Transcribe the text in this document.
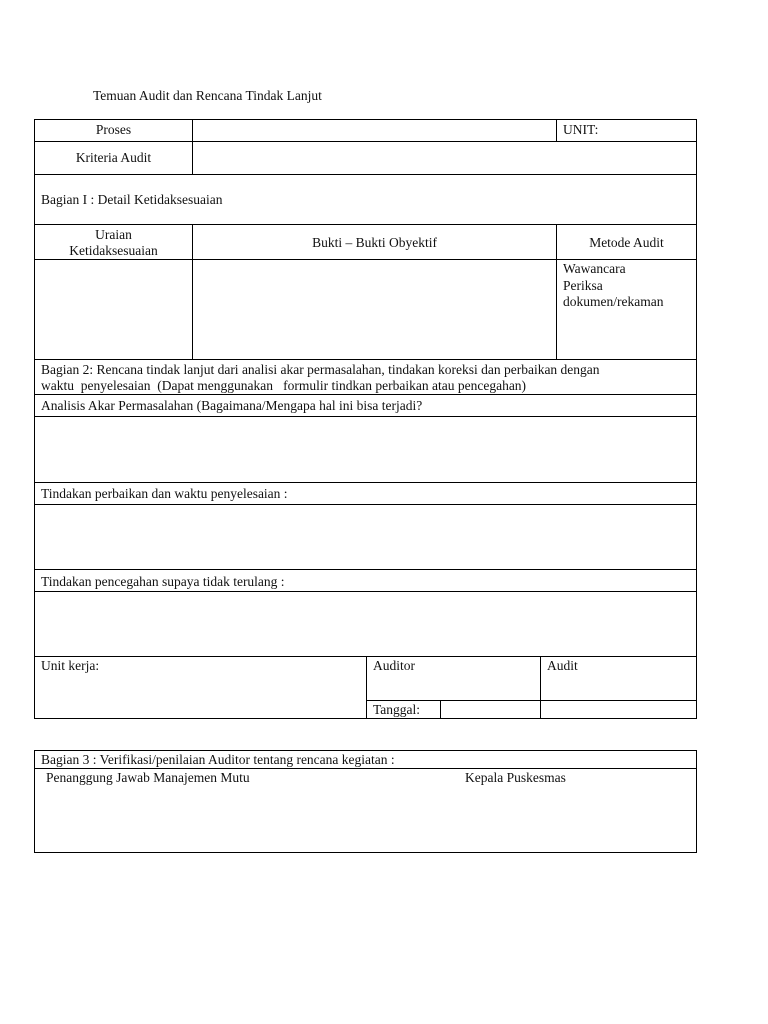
Temuan Audit dan Rencana Tindak Lanjut
Proses	UNIT:
Kriteria Audit
Bagian I : Detail Ketidaksesuaian
Uraian
Ketidaksesuaian
Bukti – Bukti Obyektif	Metode Audit
Wawancara
Periksa
dokumen/rekaman
Bagian 2: Rencana tindak lanjut dari analisi akar permasalahan, tindakan koreksi dan perbaikan dengan
waktu  penyelesaian  (Dapat menggunakan   formulir tindkan perbaikan atau pencegahan)
Analisis Akar Permasalahan (Bagaimana/Mengapa hal ini bisa terjadi?
Tindakan perbaikan dan waktu penyelesaian :
Tindakan pencegahan supaya tidak terulang :
Unit kerja:	Auditor	Audit
Tanggal:
Bagian 3 : Verifikasi/penilaian Auditor tentang rencana kegiatan :
Penanggung Jawab Manajemen Mutu	Kepala Puskesmas
